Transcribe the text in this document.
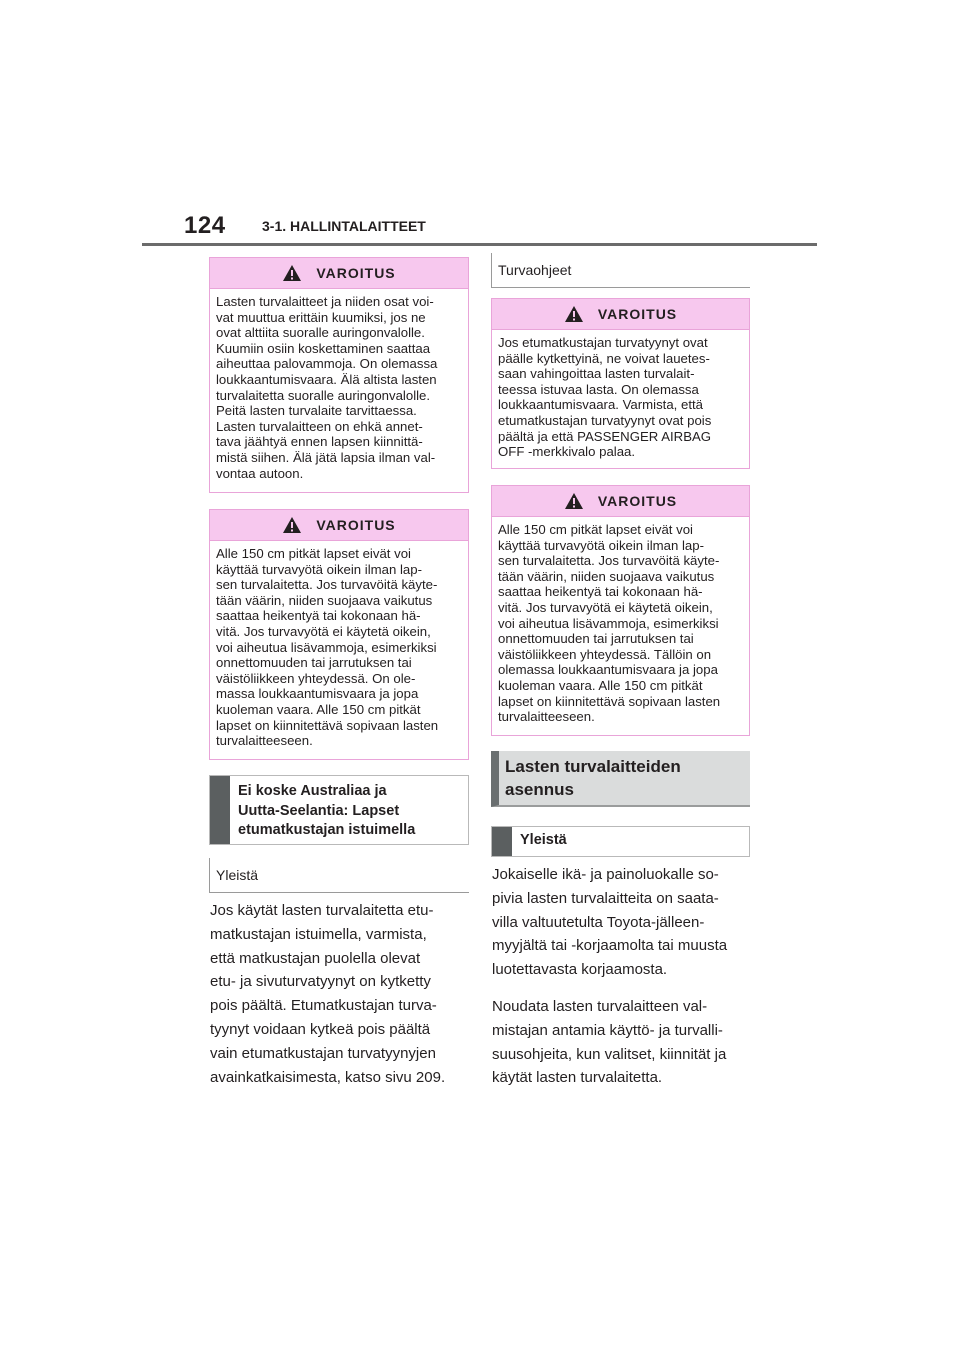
124	3-1. HALLINTALAITTEET
VAROITUS
Lasten turvalaitteet ja niiden osat voi-
vat muuttua erittäin kuumiksi, jos ne
ovat alttiita suoralle auringonvalolle.
Kuumiin osiin koskettaminen saattaa
aiheuttaa palovammoja. On olemassa
loukkaantumisvaara. Älä altista lasten
turvalaitetta suoralle auringonvalolle.
Peitä lasten turvalaite tarvittaessa.
Lasten turvalaitteen on ehkä annet-
tava jäähtyä ennen lapsen kiinnittä-
mistä siihen. Älä jätä lapsia ilman val-
vontaa autoon.
VAROITUS
Alle 150 cm pitkät lapset eivät voi
käyttää turvavyötä oikein ilman lap-
sen turvalaitetta. Jos turvavöitä käyte-
tään väärin, niiden suojaava vaikutus
saattaa heikentyä tai kokonaan hä-
vitä. Jos turvavyötä ei käytetä oikein,
voi aiheutua lisävammoja, esimerkiksi
onnettomuuden tai jarrutuksen tai
väistöliikkeen yhteydessä. On ole-
massa loukkaantumisvaara ja jopa
kuoleman vaara. Alle 150 cm pitkät
lapset on kiinnitettävä sopivaan lasten
turvalaitteeseen.
Ei koske Australiaa ja
Uutta-Seelantia: Lapset
etumatkustajan istuimella
Yleistä
Jos käytät lasten turvalaitetta etu-
matkustajan istuimella, varmista,
että matkustajan puolella olevat
etu- ja sivuturvatyynyt on kytketty
pois päältä. Etumatkustajan turva-
tyynyt voidaan kytkeä pois päältä
vain etumatkustajan turvatyynyjen
avainkatkaisimesta, katso sivu 209.
Turvaohjeet
VAROITUS
Jos etumatkustajan turvatyynyt ovat
päälle kytkettyinä, ne voivat lauetes-
saan vahingoittaa lasten turvalait-
teessa istuvaa lasta. On olemassa
loukkaantumisvaara. Varmista, että
etumatkustajan turvatyynyt ovat pois
päältä ja että PASSENGER AIRBAG
OFF -merkkivalo palaa.
VAROITUS
Alle 150 cm pitkät lapset eivät voi
käyttää turvavyötä oikein ilman lap-
sen turvalaitetta. Jos turvavöitä käyte-
tään väärin, niiden suojaava vaikutus
saattaa heikentyä tai kokonaan hä-
vitä. Jos turvavyötä ei käytetä oikein,
voi aiheutua lisävammoja, esimerkiksi
onnettomuuden tai jarrutuksen tai
väistöliikkeen yhteydessä. Tällöin on
olemassa loukkaantumisvaara ja jopa
kuoleman vaara. Alle 150 cm pitkät
lapset on kiinnitettävä sopivaan lasten
turvalaitteeseen.
Lasten turvalaitteiden
asennus
Yleistä
Jokaiselle ikä- ja painoluokalle so-
pivia lasten turvalaitteita on saata-
villa valtuutetulta Toyota-jälleen-
myyjältä tai -korjaamolta tai muusta
luotettavasta korjaamosta.
Noudata lasten turvalaitteen val-
mistajan antamia käyttö- ja turvalli-
suusohjeita, kun valitset, kiinnität ja
käytät lasten turvalaitetta.
